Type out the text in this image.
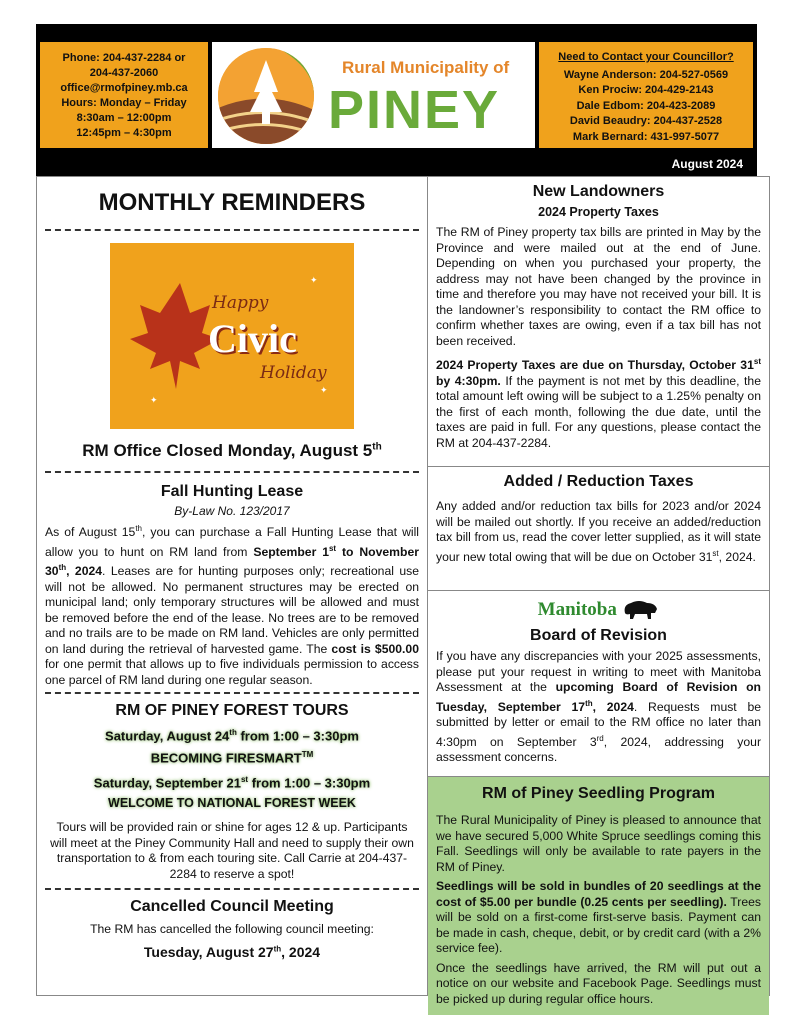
Phone: 204-437-2284 or
204-437-2060
office@rmofpiney.mb.ca
Hours: Monday – Friday
8:30am – 12:00pm
12:45pm – 4:30pm
Rural Municipality of
PINEY
Need to Contact your Councillor?
Wayne Anderson: 204-527-0569
Ken Prociw: 204-429-2143
Dale Edbom: 204-423-2089
David Beaudry: 204-437-2528
Mark Bernard: 431-997-5077
August 2024
MONTHLY REMINDERS
✦
✦
✦
Happy
Civic
Holiday
RM Office Closed Monday, August 5th
Fall Hunting Lease
By-Law No. 123/2017

As of August 15th, you can purchase a Fall Hunting Lease that will allow you to hunt on RM land from September 1st to November 30th, 2024. Leases are for hunting purposes only; recreational use will not be allowed. No permanent structures may be erected on municipal land; only temporary structures will be allowed and must be removed before the end of the lease. No trees are to be removed and no trails are to be made on RM land. Vehicles are only permitted on land during the retrieval of harvested game. The cost is $500.00 for one permit that allows up to five individuals permission to access one parcel of RM land during one regular season.

RM OF PINEY FOREST TOURS
Saturday, August 24th from 1:00 – 3:30pm
BECOMING FIRESMART™
Saturday, September 21st from 1:00 – 3:30pm
WELCOME TO NATIONAL FOREST WEEK

Tours will be provided rain or shine for ages 12 & up. Participants will meet at the Piney Community Hall and need to supply their own transportation to & from each touring site. Call Carrie at 204-437-2284 to reserve a spot!

Cancelled Council Meeting

The RM has cancelled the following council meeting:

Tuesday, August 27th, 2024
New Landowners
2024 Property Taxes

The RM of Piney property tax bills are printed in May by the Province and were mailed out at the end of June. Depending on when you purchased your property, the address may not have been changed by the province in time and therefore you may have not received your bill. It is the landowner’s responsibility to contact the RM office to confirm whether taxes are owing, even if a tax bill has not been received.

2024 Property Taxes are due on Thursday, October 31st by 4:30pm. If the payment is not met by this deadline, the total amount left owing will be subject to a 1.25% penalty on the first of each month, following the due date, until the taxes are paid in full. For any questions, please contact the RM at 204-437-2284.

Added / Reduction Taxes

Any added and/or reduction tax bills for 2023 and/or 2024 will be mailed out shortly. If you receive an added/reduction tax bill from us, read the cover letter supplied, as it will state your new total owing that will be due on October 31st, 2024.

Manitoba
Board of Revision

If you have any discrepancies with your 2025 assessments, please put your request in writing to meet with Manitoba Assessment at the upcoming Board of Revision on Tuesday, September 17th, 2024. Requests must be submitted by letter or email to the RM office no later than 4:30pm on September 3rd, 2024, addressing your assessment concerns.

RM of Piney Seedling Program

The Rural Municipality of Piney is pleased to announce that we have secured 5,000 White Spruce seedlings coming this Fall. Seedlings will only be available to rate payers in the RM of Piney.

Seedlings will be sold in bundles of 20 seedlings at the cost of $5.00 per bundle (0.25 cents per seedling). Trees will be sold on a first-come first-serve basis. Payment can be made in cash, cheque, debit, or by credit card (with a 2% service fee).

Once the seedlings have arrived, the RM will put out a notice on our website and Facebook Page. Seedlings must be picked up during regular office hours.
